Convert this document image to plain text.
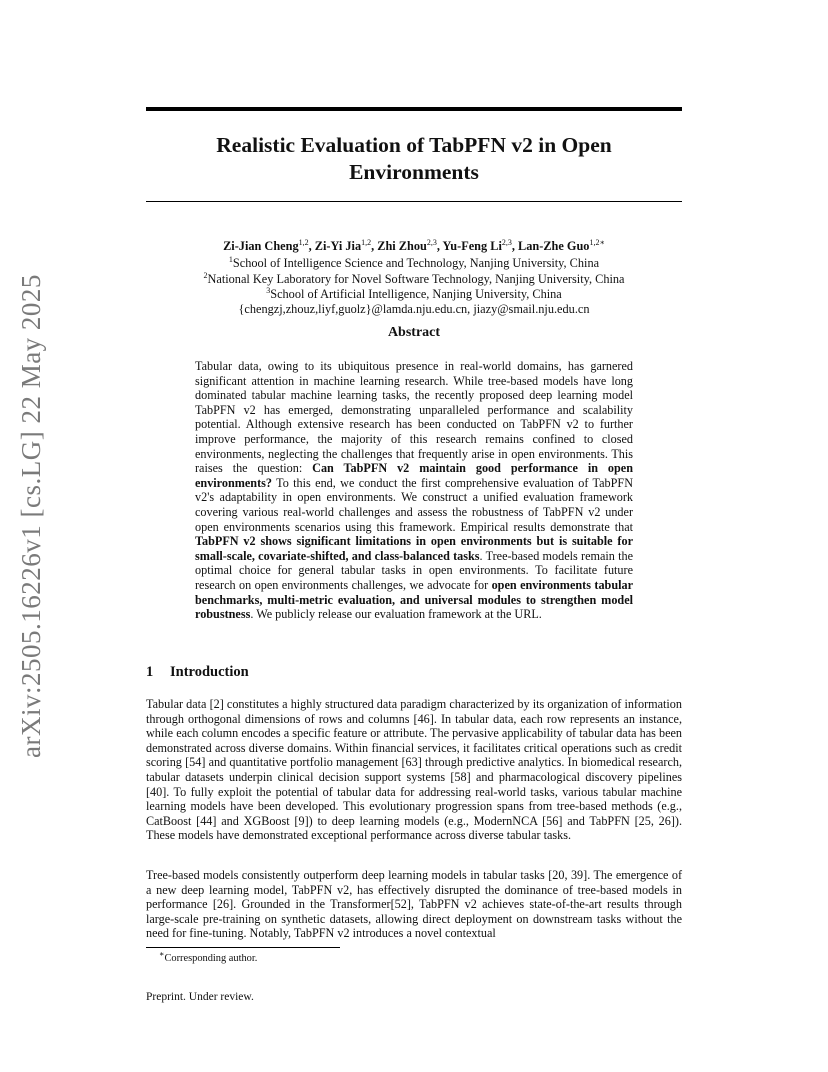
arXiv:2505.16226v1 [cs.LG] 22 May 2025
Realistic Evaluation of TabPFN v2 in Open
Environments
Zi-Jian Cheng$^{1,2}$, Zi-Yi Jia$^{1,2}$, Zhi Zhou$^{2,3}$, Yu-Feng Li$^{2,3}$, Lan-Zhe Guo$^{1,2∗}$
$^1$School of Intelligence Science and Technology, Nanjing University, China
$^2$National Key Laboratory for Novel Software Technology, Nanjing University, China
$^3$School of Artificial Intelligence, Nanjing University, China
{chengzj,zhouz,liyf,guolz}@lamda.nju.edu.cn, jiazy@smail.nju.edu.cn
Abstract
Tabular data, owing to its ubiquitous presence in real-world domains, has garnered significant attention in machine learning research. While tree-based models have long dominated tabular machine learning tasks, the recently proposed deep learning model TabPFN v2 has emerged, demonstrating unparalleled performance and scalability potential. Although extensive research has been conducted on TabPFN v2 to further improve performance, the majority of this research remains confined to closed environments, neglecting the challenges that frequently arise in open environments. This raises the question: Can TabPFN v2 maintain good performance in open environments? To this end, we conduct the first comprehensive evaluation of TabPFN v2's adaptability in open environments. We construct a unified evaluation framework covering various real-world challenges and assess the robustness of TabPFN v2 under open environments scenarios using this framework. Empirical results demonstrate that TabPFN v2 shows significant limitations in open environments but is suitable for small-scale, covariate-shifted, and class-balanced tasks. Tree-based models remain the optimal choice for general tabular tasks in open environments. To facilitate future research on open environments challenges, we advocate for open environments tabular benchmarks, multi-metric evaluation, and universal modules to strengthen model robustness. We publicly release our evaluation framework at the URL.
1 Introduction
Tabular data [2] constitutes a highly structured data paradigm characterized by its organization of information through orthogonal dimensions of rows and columns [46]. In tabular data, each row represents an instance, while each column encodes a specific feature or attribute. The pervasive applicability of tabular data has been demonstrated across diverse domains. Within financial services, it facilitates critical operations such as credit scoring [54] and quantitative portfolio management [63] through predictive analytics. In biomedical research, tabular datasets underpin clinical decision support systems [58] and pharmacological discovery pipelines [40]. To fully exploit the potential of tabular data for addressing real-world tasks, various tabular machine learning models have been developed. This evolutionary progression spans from tree-based methods (e.g., CatBoost [44] and XGBoost [9]) to deep learning models (e.g., ModernNCA [56] and TabPFN [25, 26]). These models have demonstrated exceptional performance across diverse tabular tasks.
Tree-based models consistently outperform deep learning models in tabular tasks [20, 39]. The emergence of a new deep learning model, TabPFN v2, has effectively disrupted the dominance of tree-based models in performance [26]. Grounded in the Transformer[52], TabPFN v2 achieves state-of-the-art results through large-scale pre-training on synthetic datasets, allowing direct deployment on downstream tasks without the need for fine-tuning. Notably, TabPFN v2 introduces a novel contextual
∗Corresponding author.
Preprint. Under review.
